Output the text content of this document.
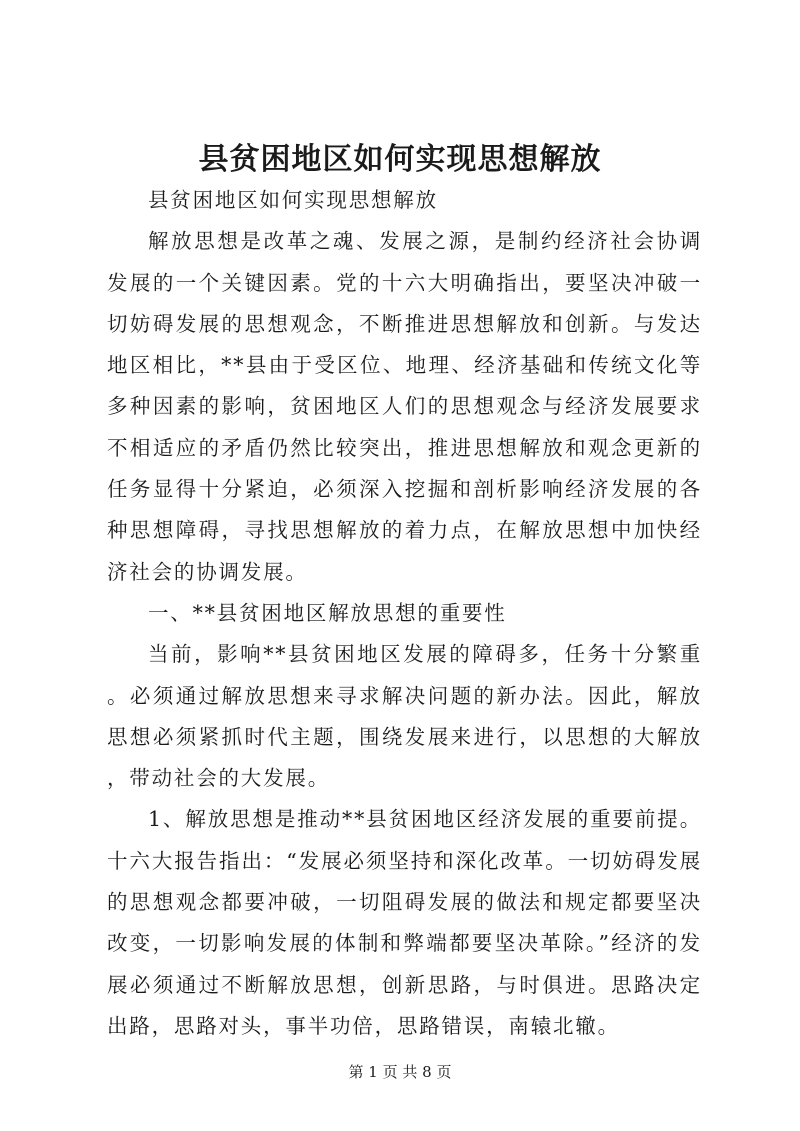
县贫困地区如何实现思想解放

县贫困地区如何实现思想解放

解放思想是改革之魂、发展之源，是制约经济社会协调发展的一个关键因素。党的十六大明确指出，要坚决冲破一切妨碍发展的思想观念，不断推进思想解放和创新。与发达地区相比，**县由于受区位、地理、经济基础和传统文化等多种因素的影响，贫困地区人们的思想观念与经济发展要求不相适应的矛盾仍然比较突出，推进思想解放和观念更新的任务显得十分紧迫，必须深入挖掘和剖析影响经济发展的各种思想障碍，寻找思想解放的着力点，在解放思想中加快经济社会的协调发展。

一、**县贫困地区解放思想的重要性

当前，影响**县贫困地区发展的障碍多，任务十分繁重。必须通过解放思想来寻求解决问题的新办法。因此，解放思想必须紧抓时代主题，围绕发展来进行，以思想的大解放，带动社会的大发展。

1、解放思想是推动**县贫困地区经济发展的重要前提。十六大报告指出：“发展必须坚持和深化改革。一切妨碍发展的思想观念都要冲破，一切阻碍发展的做法和规定都要坚决改变，一切影响发展的体制和弊端都要坚决革除。”经济的发展必须通过不断解放思想，创新思路，与时俱进。思路决定出路，思路对头，事半功倍，思路错误，南辕北辙。

第 1 页 共 8 页
